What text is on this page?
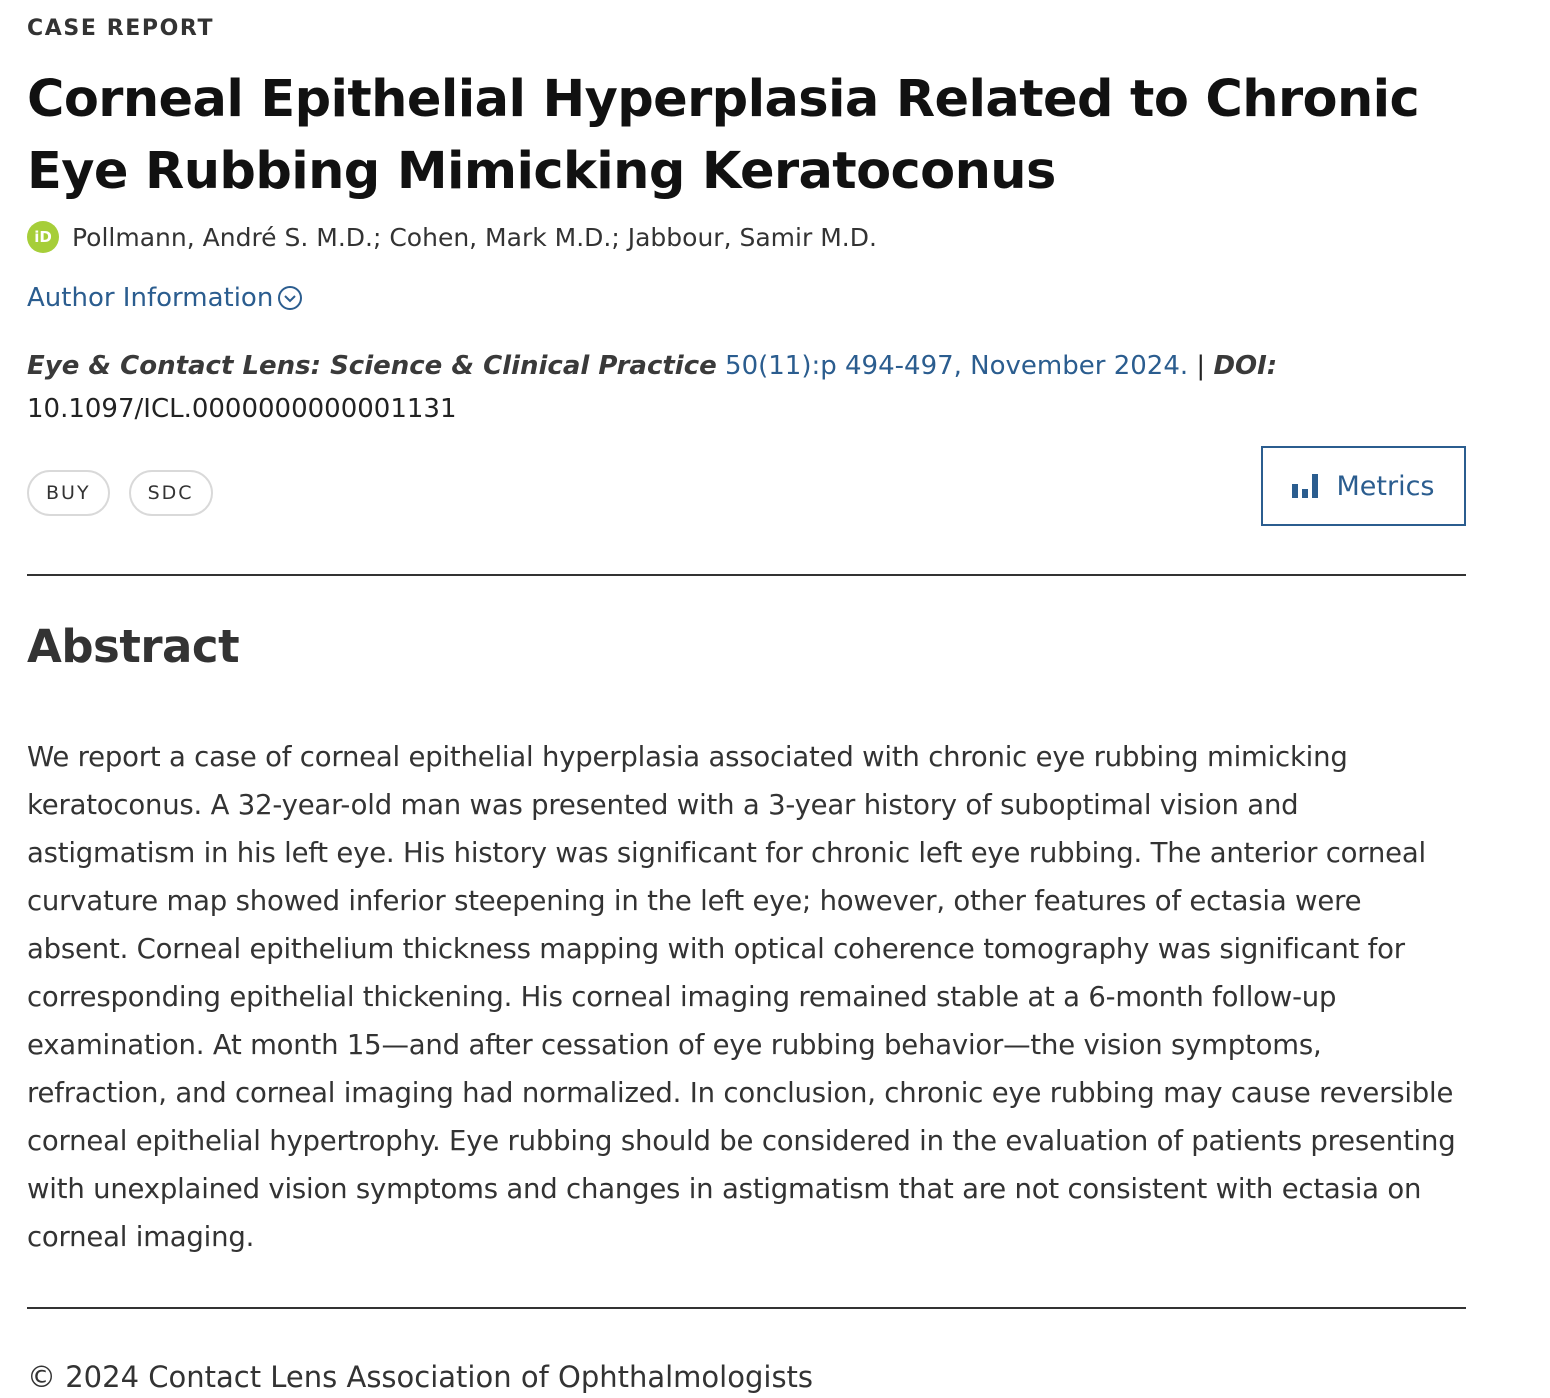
CASE REPORT
Corneal Epithelial Hyperplasia Related to Chronic Eye Rubbing Mimicking Keratoconus
iD Pollmann, André S. M.D.; Cohen, Mark M.D.; Jabbour, Samir M.D.
Author Information
Eye & Contact Lens: Science & Clinical Practice 50(11):p 494-497, November 2024. | DOI:
10.1097/ICL.0000000000001131
BUY	SDC	Metrics
Abstract

We report a case of corneal epithelial hyperplasia associated with chronic eye rubbing mimicking keratoconus. A 32-year-old man was presented with a 3-year history of suboptimal vision and astigmatism in his left eye. His history was significant for chronic left eye rubbing. The anterior corneal curvature map showed inferior steepening in the left eye; however, other features of ectasia were absent. Corneal epithelium thickness mapping with optical coherence tomography was significant for corresponding epithelial thickening. His corneal imaging remained stable at a 6-month follow-up examination. At month 15—and after cessation of eye rubbing behavior—the vision symptoms, refraction, and corneal imaging had normalized. In conclusion, chronic eye rubbing may cause reversible corneal epithelial hypertrophy. Eye rubbing should be considered in the evaluation of patients presenting with unexplained vision symptoms and changes in astigmatism that are not consistent with ectasia on corneal imaging.

© 2024 Contact Lens Association of Ophthalmologists
